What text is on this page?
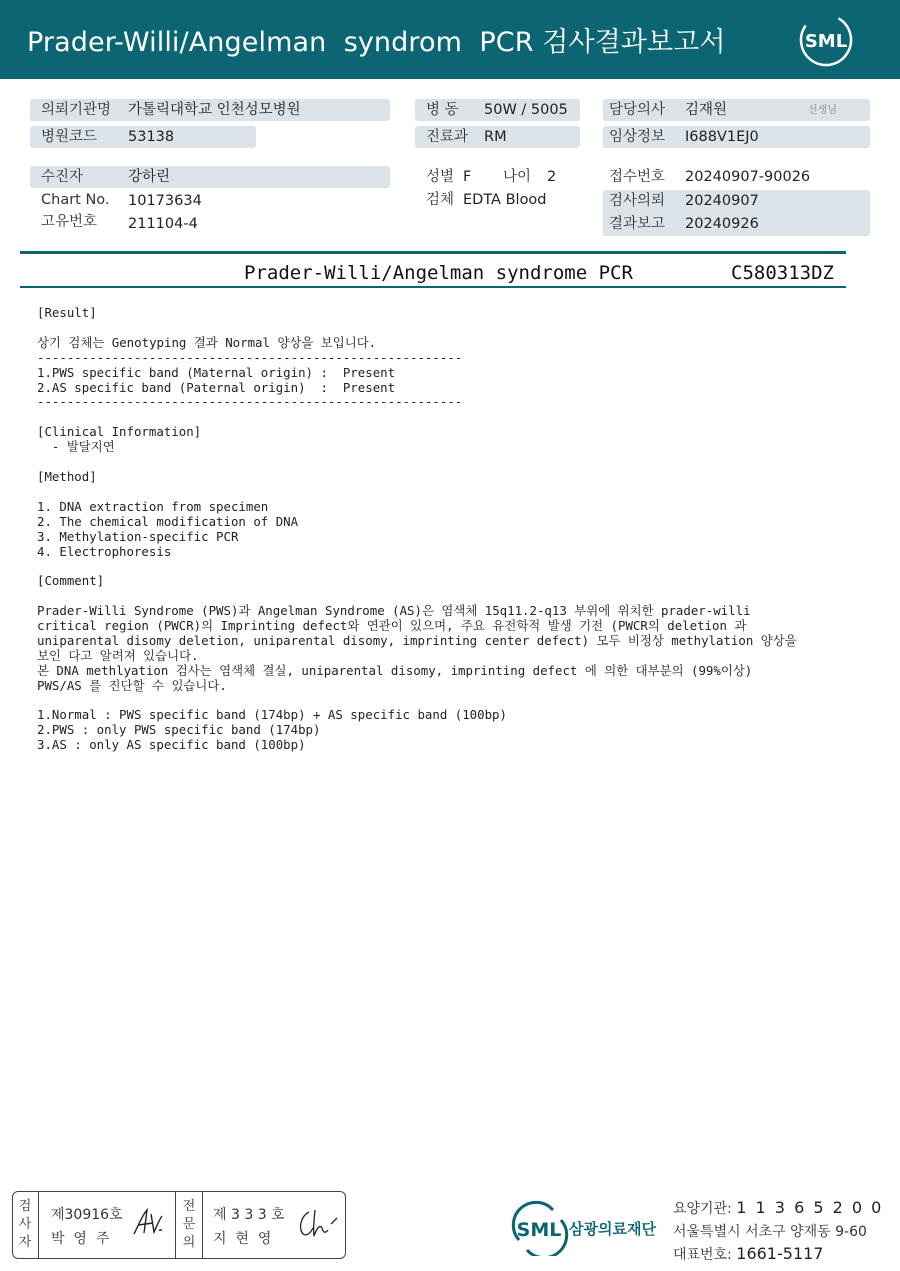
Prader-Willi/Angelman  syndrom  PCR 검사결과보고서	SML
의뢰기관명 가톨릭대학교 인천성모병원	병 동 50W / 5005	담당의사 김재원	선생님
병원코드 53138	진료과 RM	임상정보 I688V1EJ0
수진자	강하린	성별 F 나이 2	접수번호 20240907-90026
Chart No. 10173634	검체 EDTA Blood	검사의뢰 20240907
고유번호 211104-4	결과보고 20240926
Prader-Willi/Angelman syndrome PCR	C580313DZ
[Result]

상기 검체는 Genotyping 결과 Normal 양상을 보입니다.
---------------------------------------------------------
1.PWS specific band (Maternal origin) :  Present
2.AS specific band (Paternal origin)  :  Present
---------------------------------------------------------

[Clinical Information]
- 발달지연

[Method]

1. DNA extraction from specimen
2. The chemical modification of DNA
3. Methylation-specific PCR
4. Electrophoresis

[Comment]

Prader-Willi Syndrome (PWS)과 Angelman Syndrome (AS)은 염색체 15q11.2-q13 부위에 위치한 prader-willi
critical region (PWCR)의 Imprinting defect와 연관이 있으며, 주요 유전학적 발생 기전 (PWCR의 deletion 과
uniparental disomy deletion, uniparental disomy, imprinting center defect) 모두 비정상 methylation 양상을
보인 다고 알려져 있습니다.
본 DNA methlyation 검사는 염색체 결실, uniparental disomy, imprinting defect 에 의한 대부분의 (99%이상)
PWS/AS 를 진단할 수 있습니다.

1.Normal : PWS specific band (174bp) + AS specific band (100bp)
2.PWS : only PWS specific band (174bp)
3.AS : only AS specific band (100bp)
검
사
자
제30916호
박  영  주
전
문
의
제 3 3 3 호
지  현  영	SML 삼광의료재단
요양기관: 1 1 3 6 5 2 0 0
서울특별시 서초구 양재동 9-60
대표번호: 1661-5117
